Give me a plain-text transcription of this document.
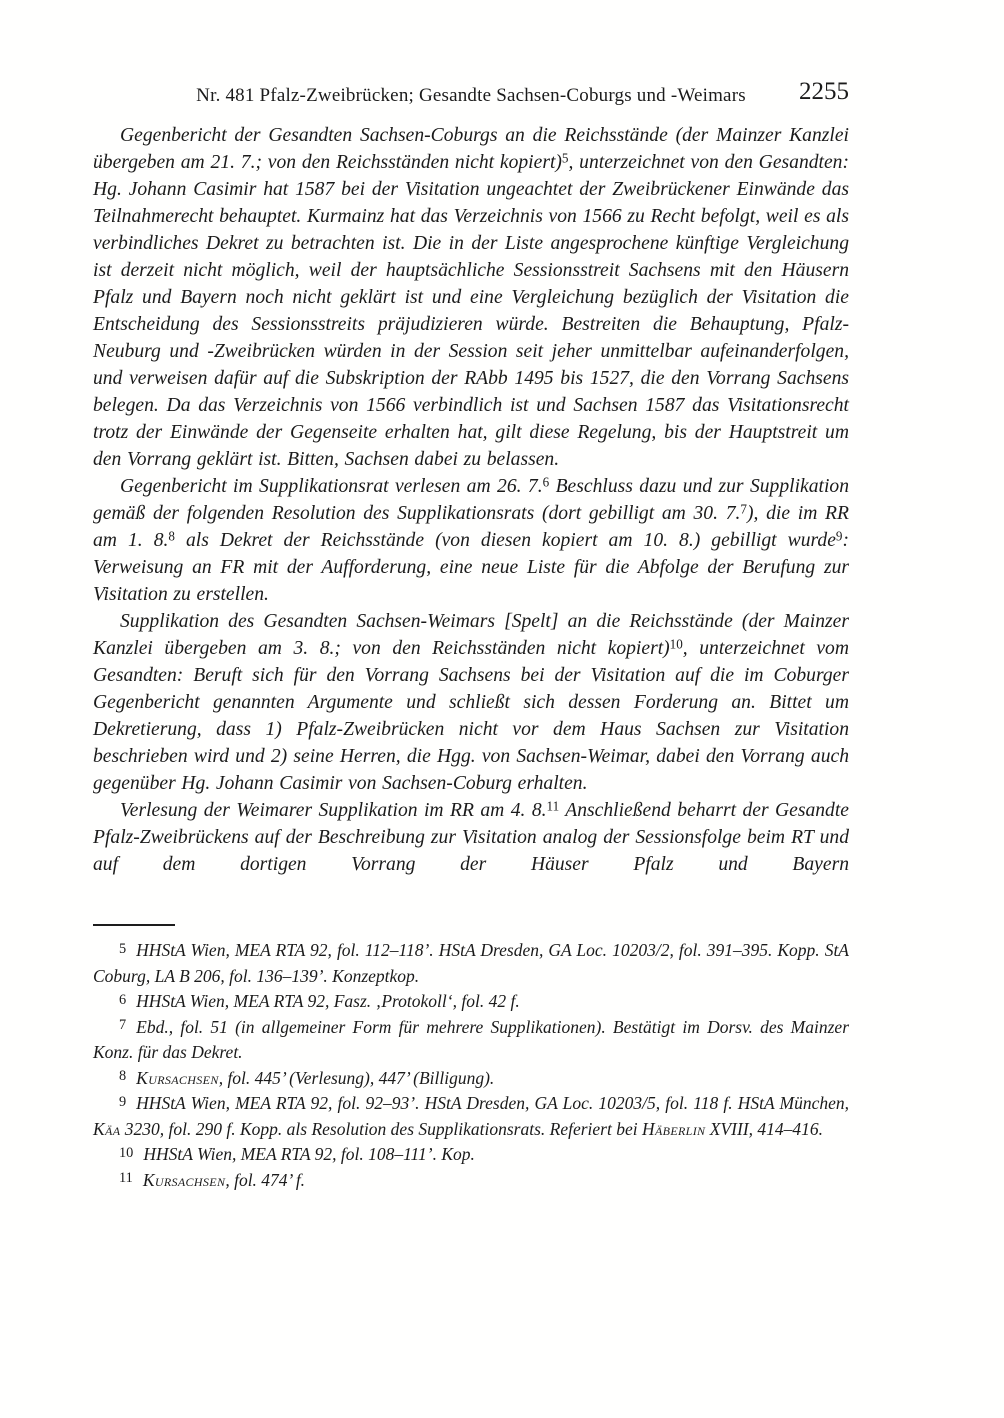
Nr. 481 Pfalz-Zweibrücken; Gesandte Sachsen-Coburgs und -Weimars	2255
Gegenbericht der Gesandten Sachsen-Coburgs an die Reichsstände (der Mainzer Kanzlei übergeben am 21. 7.; von den Reichsständen nicht kopiert)$^5$, unterzeichnet von den Gesandten: Hg. Johann Casimir hat 1587 bei der Visitation ungeachtet der Zweibrückener Einwände das Teilnahmerecht behauptet. Kurmainz hat das Verzeichnis von 1566 zu Recht befolgt, weil es als verbindliches Dekret zu betrachten ist. Die in der Liste angesprochene künftige Vergleichung ist derzeit nicht möglich, weil der hauptsächliche Sessionsstreit Sachsens mit den Häusern Pfalz und Bayern noch nicht geklärt ist und eine Vergleichung bezüglich der Visitation die Entscheidung des Sessionsstreits präjudizieren würde. Bestreiten die Behauptung, Pfalz-Neuburg und -Zweibrücken würden in der Session seit jeher unmittelbar aufeinanderfolgen, und verweisen dafür auf die Subskription der RAbb 1495 bis 1527, die den Vorrang Sachsens belegen. Da das Verzeichnis von 1566 verbindlich ist und Sachsen 1587 das Visitationsrecht trotz der Einwände der Gegenseite erhalten hat, gilt diese Regelung, bis der Hauptstreit um den Vorrang geklärt ist. Bitten, Sachsen dabei zu belassen.
Gegenbericht im Supplikationsrat verlesen am 26. 7.$^6$ Beschluss dazu und zur Supplikation gemäß der folgenden Resolution des Supplikationsrats (dort gebilligt am 30. 7.$^7$), die im RR am 1. 8.$^8$ als Dekret der Reichsstände (von diesen kopiert am 10. 8.) gebilligt wurde$^9$: Verweisung an FR mit der Aufforderung, eine neue Liste für die Abfolge der Berufung zur Visitation zu erstellen.
Supplikation des Gesandten Sachsen-Weimars [Spelt] an die Reichsstände (der Mainzer Kanzlei übergeben am 3. 8.; von den Reichsständen nicht kopiert)$^{10}$, unterzeichnet vom Gesandten: Beruft sich für den Vorrang Sachsens bei der Visitation auf die im Coburger Gegenbericht genannten Argumente und schließt sich dessen Forderung an. Bittet um Dekretierung, dass 1) Pfalz-Zweibrücken nicht vor dem Haus Sachsen zur Visitation beschrieben wird und 2) seine Herren, die Hgg. von Sachsen-Weimar, dabei den Vorrang auch gegenüber Hg. Johann Casimir von Sachsen-Coburg erhalten.
Verlesung der Weimarer Supplikation im RR am 4. 8.11 Anschließend beharrt der Gesandte Pfalz-Zweibrückens auf der Beschreibung zur Visitation analog der Sessionsfolge beim RT und auf dem dortigen Vorrang der Häuser Pfalz und Bayern
5 HHStA Wien, MEA RTA 92, fol. 112–118’. HStA Dresden, GA Loc. 10203/2, fol. 391–395. Kopp. StA Coburg, LA B 206, fol. 136–139’. Konzeptkop.
6 HHStA Wien, MEA RTA 92, Fasz. ‚Protokoll‘, fol. 42 f.
7 Ebd., fol. 51 (in allgemeiner Form für mehrere Supplikationen). Bestätigt im Dorsv. des Mainzer Konz. für das Dekret.
8 Kursachsen, fol. 445’ (Verlesung), 447’ (Billigung).
9 HHStA Wien, MEA RTA 92, fol. 92–93’. HStA Dresden, GA Loc. 10203/5, fol. 118 f. HStA München, Käa 3230, fol. 290 f. Kopp. als Resolution des Supplikationsrats. Referiert bei Häberlin XVIII, 414–416.
10 HHStA Wien, MEA RTA 92, fol. 108–111’. Kop.
11 Kursachsen, fol. 474’ f.
